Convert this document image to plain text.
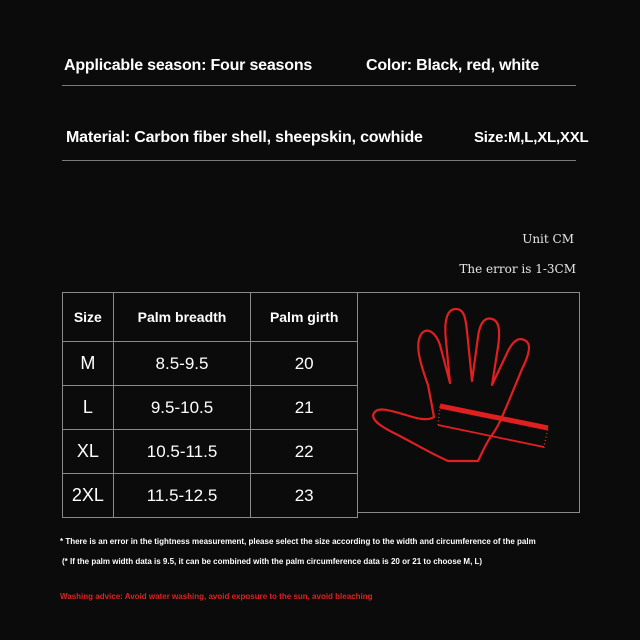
Applicable season: Four seasons	Color: Black, red, white
Material: Carbon fiber shell, sheepskin, cowhide	Size:M,L,XL,XXL
Unit CM
The error is 1-3CM
Size	Palm breadth	Palm girth
M	8.5-9.5	20
L	9.5-10.5	21
XL	10.5-11.5	22
2XL	11.5-12.5	23
* There is an error in the tightness measurement, please select the size according to the width and circumference of the palm
(* If the palm width data is 9.5, it can be combined with the palm circumference data is 20 or 21 to choose M, L)
Washing advice: Avoid water washing, avoid exposure to the sun, avoid bleaching
